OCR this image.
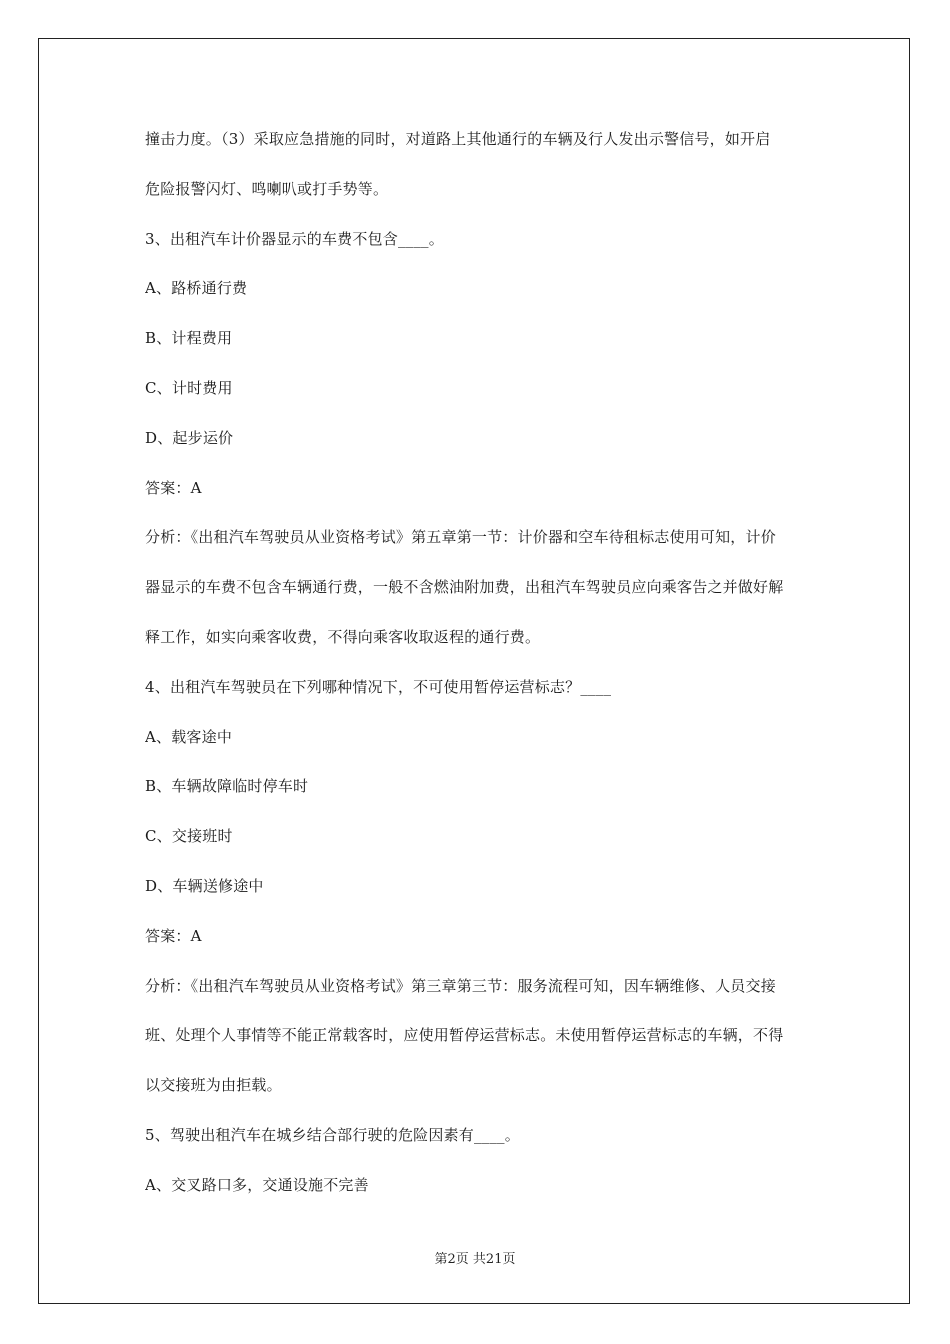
撞击力度。（3）采取应急措施的同时，对道路上其他通行的车辆及行人发出示警信号，如开启
危险报警闪灯、鸣喇叭或打手势等。
3、出租汽车计价器显示的车费不包含____。
A、路桥通行费
B、计程费用
C、计时费用
D、起步运价
答案：A
分析：《出租汽车驾驶员从业资格考试》第五章第一节：计价器和空车待租标志使用可知，计价
器显示的车费不包含车辆通行费，一般不含燃油附加费，出租汽车驾驶员应向乘客告之并做好解
释工作，如实向乘客收费，不得向乘客收取返程的通行费。
4、出租汽车驾驶员在下列哪种情况下，不可使用暂停运营标志？____
A、载客途中
B、车辆故障临时停车时
C、交接班时
D、车辆送修途中
答案：A
分析：《出租汽车驾驶员从业资格考试》第三章第三节：服务流程可知，因车辆维修、人员交接
班、处理个人事情等不能正常载客时，应使用暂停运营标志。未使用暂停运营标志的车辆，不得
以交接班为由拒载。
5、驾驶出租汽车在城乡结合部行驶的危险因素有____。
A、交叉路口多，交通设施不完善
第2页 共21页
